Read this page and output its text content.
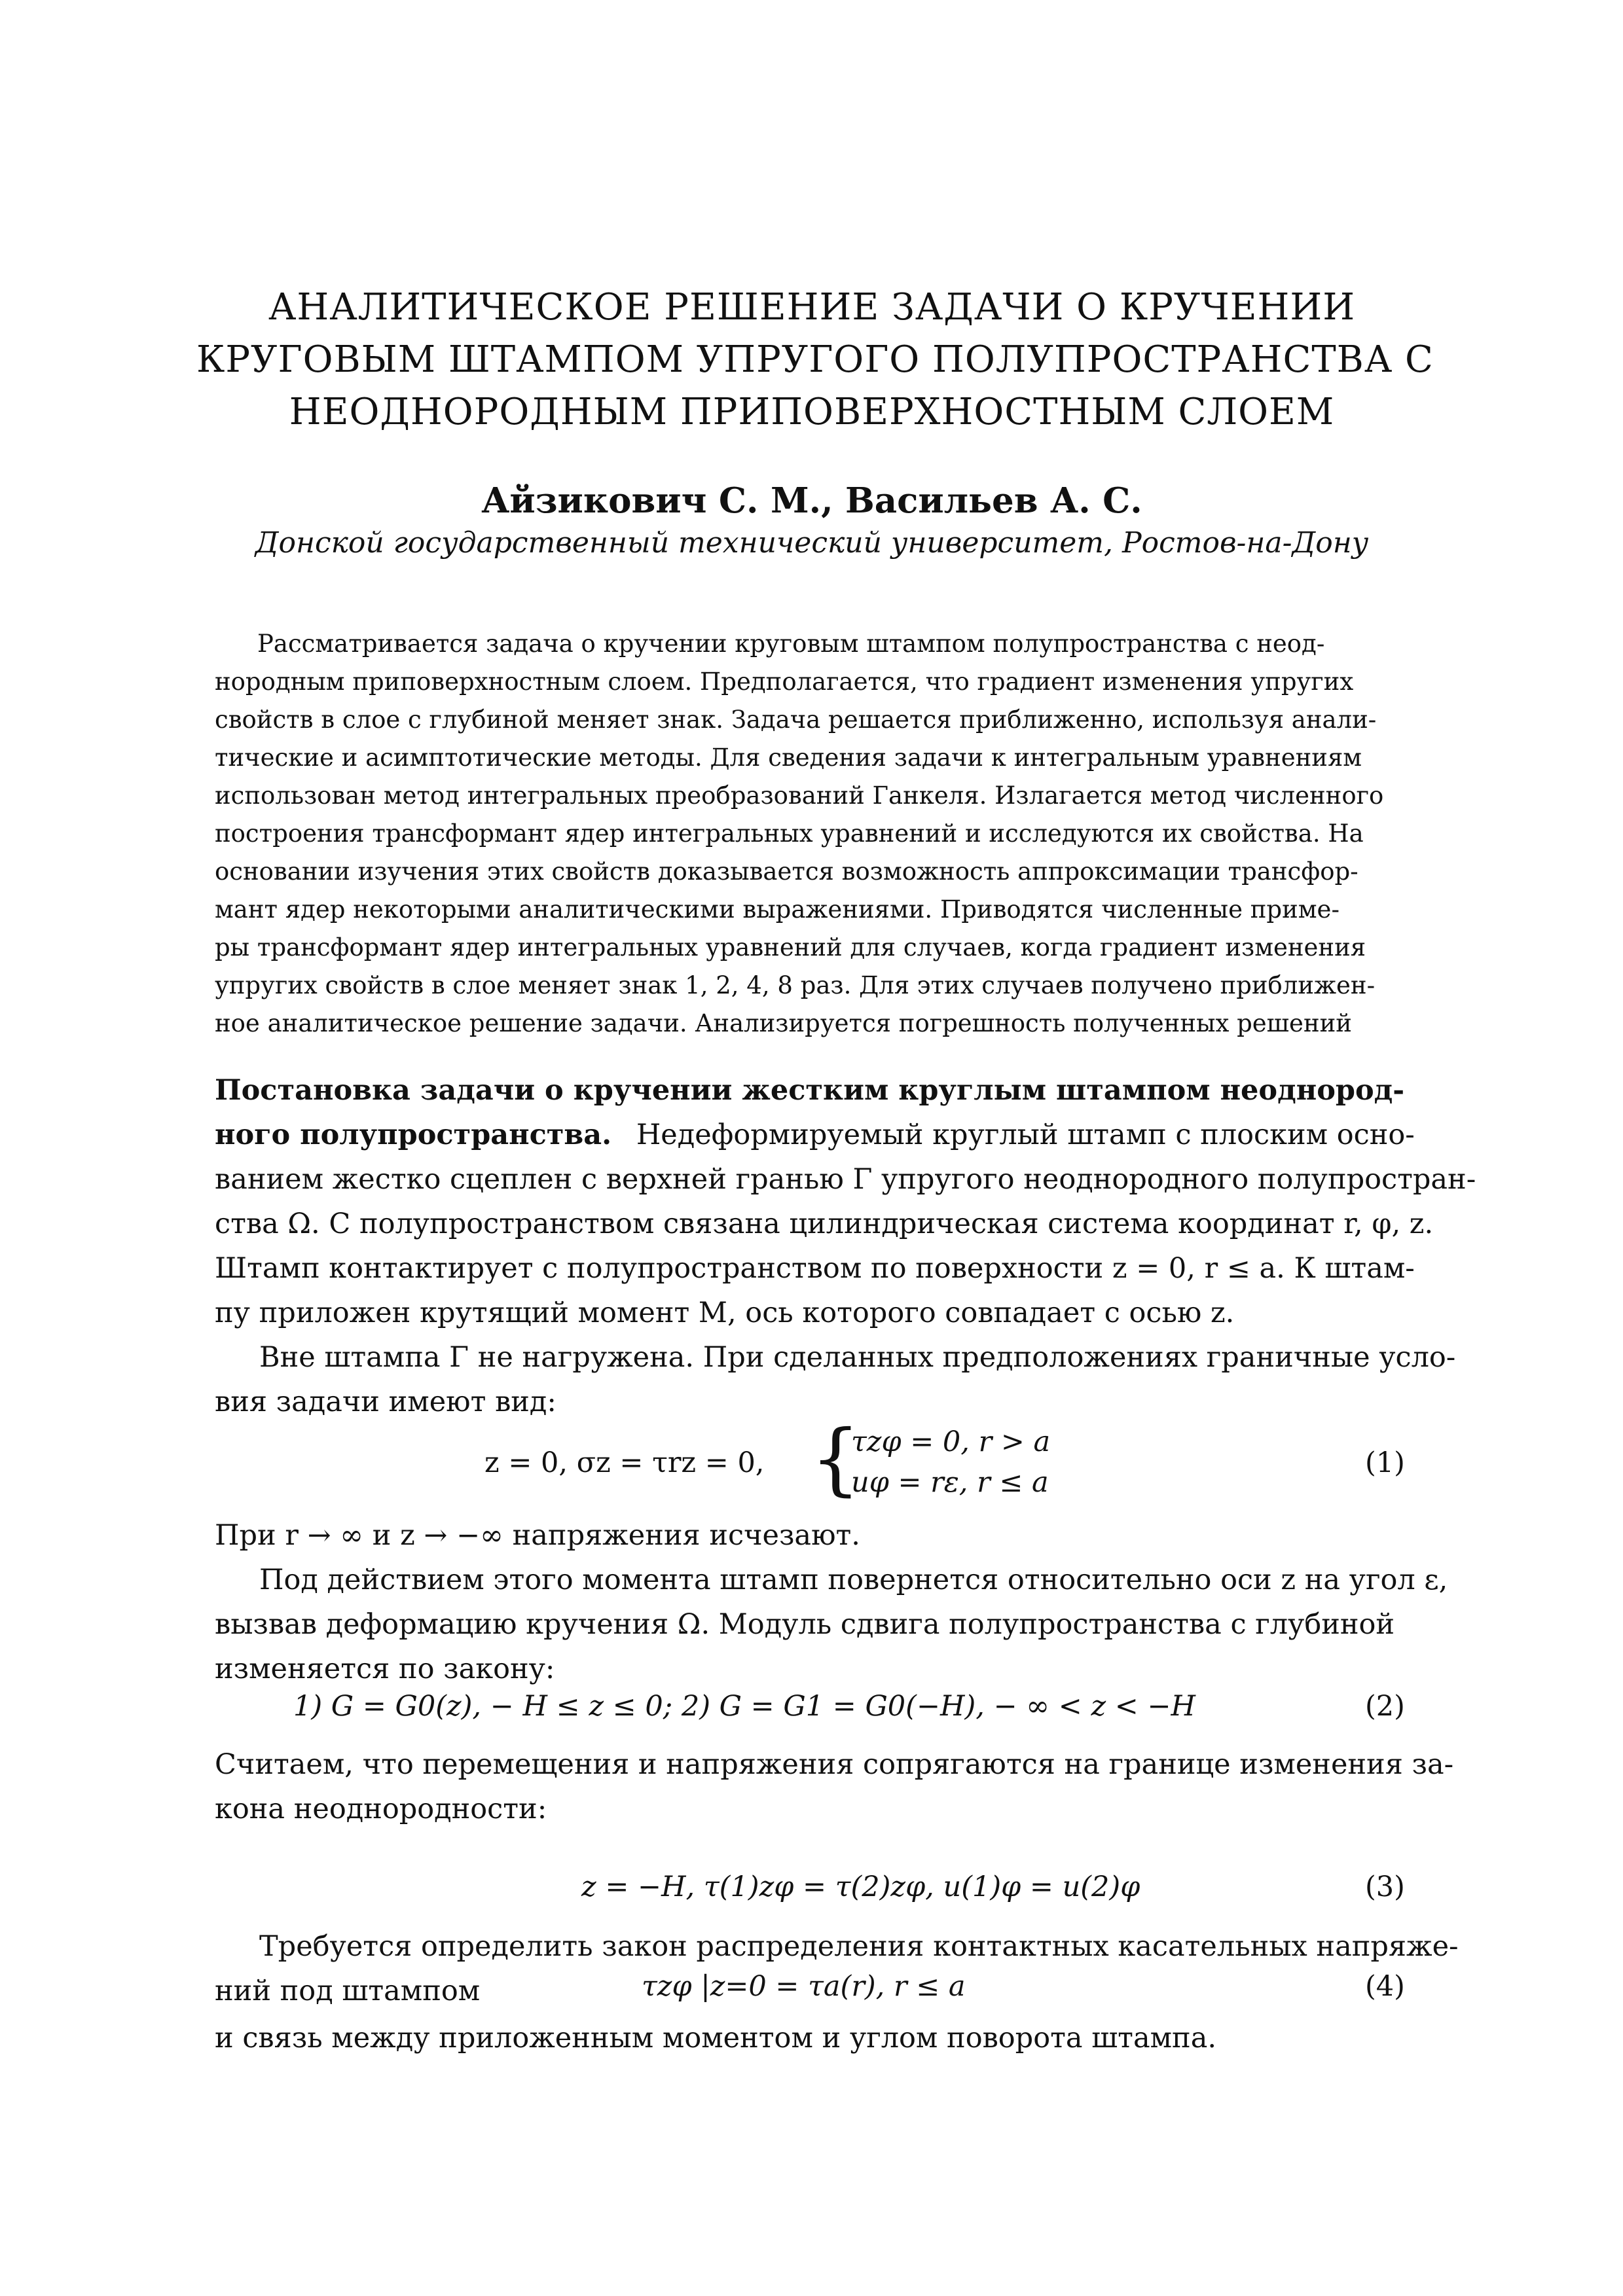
АНАЛИТИЧЕСКОЕ РЕШЕНИЕ ЗАДАЧИ О КРУЧЕНИИ
КРУГОВЫМ ШТАМПОМ УПРУГОГО ПОЛУПРОСТРАНСТВА С
НЕОДНОРОДНЫМ ПРИПОВЕРХНОСТНЫМ СЛОЕМ
Айзикович С. М., Васильев А. С.
Донской государственный технический университет, Ростов-на-Дону
Рассматривается задача о кручении круговым штампом полупространства с неод-
нородным приповерхностным слоем. Предполагается, что градиент изменения упругих
свойств в слое с глубиной меняет знак. Задача решается приближенно, используя анали-
тические и асимптотические методы. Для сведения задачи к интегральным уравнениям
использован метод интегральных преобразований Ганкеля. Излагается метод численного
построения трансформант ядер интегральных уравнений и исследуются их свойства. На
основании изучения этих свойств доказывается возможность аппроксимации трансфор-
мант ядер некоторыми аналитическими выражениями. Приводятся численные приме-
ры трансформант ядер интегральных уравнений для случаев, когда градиент изменения
упругих свойств в слое меняет знак 1, 2, 4, 8 раз. Для этих случаев получено приближен-
ное аналитическое решение задачи. Анализируется погрешность полученных решений
Постановка задачи о кручении жестким круглым штампом неоднород-
ного полупространства. Недеформируемый круглый штамп с плоским осно-
ванием жестко сцеплен с верхней гранью Γ упругого неоднородного полупростран-
ства Ω. С полупространством связана цилиндрическая система координат r, φ, z.
Штамп контактирует с полупространством по поверхности z = 0, r ≤ a. К штам-
пу приложен крутящий момент M, ось которого совпадает с осью z.
Вне штампа Γ не нагружена. При сделанных предположениях граничные усло-
вия задачи имеют вид:
z = 0, σz = τrz = 0, {
τzφ = 0, r > a
uφ = rε, r ≤ a
(1)
При r → ∞ и z → −∞ напряжения исчезают.
Под действием этого момента штамп повернется относительно оси z на угол ε,
вызвав деформацию кручения Ω. Модуль сдвига полупространства с глубиной
изменяется по закону:
1) G = G0(z), − H ≤ z ≤ 0; 2) G = G1 = G0(−H), − ∞ < z < −H	(2)
Считаем, что перемещения и напряжения сопрягаются на границе изменения за-
кона неоднородности:
z = −H, τ(1)zφ = τ(2)zφ, u(1)φ = u(2)φ	(3)
Требуется определить закон распределения контактных касательных напряже-
ний под штампом	τzφ |z=0 = τa(r), r ≤ a	(4)
и связь между приложенным моментом и углом поворота штампа.
